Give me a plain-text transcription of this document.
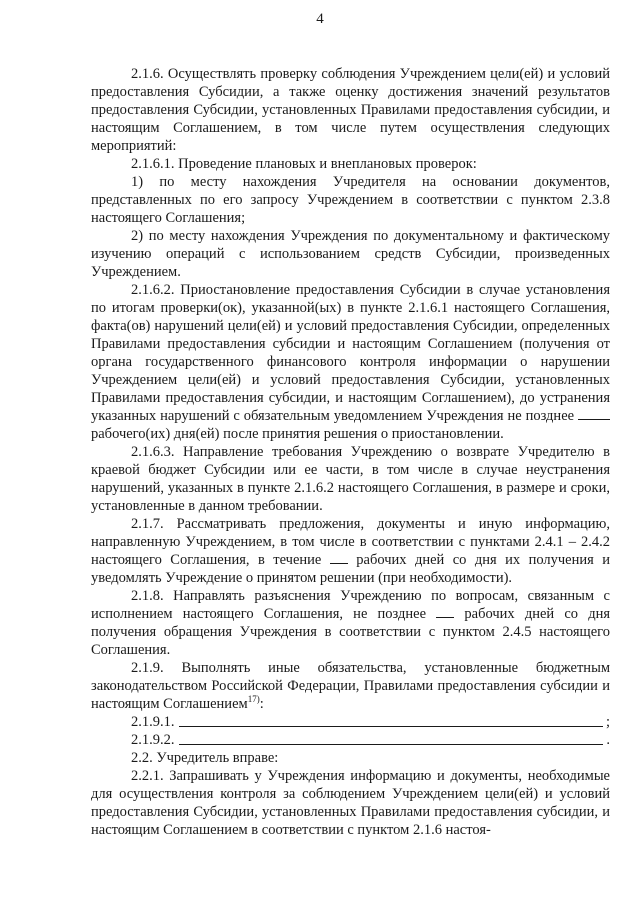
4

2.1.6. Осуществлять проверку соблюдения Учреждением цели(ей) и условий предоставления Субсидии, а также оценку достижения значений результатов предоставления Субсидии, установленных Правилами предоставления субсидии, и настоящим Соглашением, в том числе путем осуществления следующих мероприятий:

2.1.6.1. Проведение плановых и внеплановых проверок:

1) по месту нахождения Учредителя на основании документов, представленных по его запросу Учреждением в соответствии с пунктом 2.3.8 настоящего Соглашения;

2) по месту нахождения Учреждения по документальному и фактическому изучению операций с использованием средств Субсидии, произведенных Учреждением.

2.1.6.2. Приостановление предоставления Субсидии в случае установления по итогам проверки(ок), указанной(ых) в пункте 2.1.6.1 настоящего Соглашения, факта(ов) нарушений цели(ей) и условий предоставления Субсидии, определенных Правилами предоставления субсидии и настоящим Соглашением (получения от органа государственного финансового контроля информации о нарушении Учреждением цели(ей) и условий предоставления Субсидии, установленных Правилами предоставления субсидии, и настоящим Соглашением), до устранения указанных нарушений с обязательным уведомлением Учреждения не позднее  рабочего(их) дня(ей) после принятия решения о приостановлении.

2.1.6.3. Направление требования Учреждению о возврате Учредителю в краевой бюджет Субсидии или ее части, в том числе в случае неустранения нарушений, указанных в пункте 2.1.6.2 настоящего Соглашения, в размере и сроки, установленные в данном требовании.

2.1.7. Рассматривать предложения, документы и иную информацию, направленную Учреждением, в том числе в соответствии с пунктами 2.4.1 – 2.4.2 настоящего Соглашения, в течение рабочих дней со дня их получения и уведомлять Учреждение о принятом решении (при необходимости).

2.1.8. Направлять разъяснения Учреждению по вопросам, связанным с исполнением настоящего Соглашения, не позднее	рабочих дней со дня получения обращения Учреждения в соответствии с пунктом 2.4.5 настоящего Соглашения.

2.1.9. Выполнять иные обязательства, установленные бюджетным законодательством Российской Федерации, Правилами предоставления субсидии и настоящим Соглашением$^{17)}$:

2.1.9.1.	;
2.1.9.2.	.

2.2. Учредитель вправе:

2.2.1. Запрашивать у Учреждения информацию и документы, необходимые для осуществления контроля за соблюдением Учреждением цели(ей) и условий предоставления Субсидии, установленных Правилами предоставления субсидии, и настоящим Соглашением в соответствии с пунктом 2.1.6 настоя-
